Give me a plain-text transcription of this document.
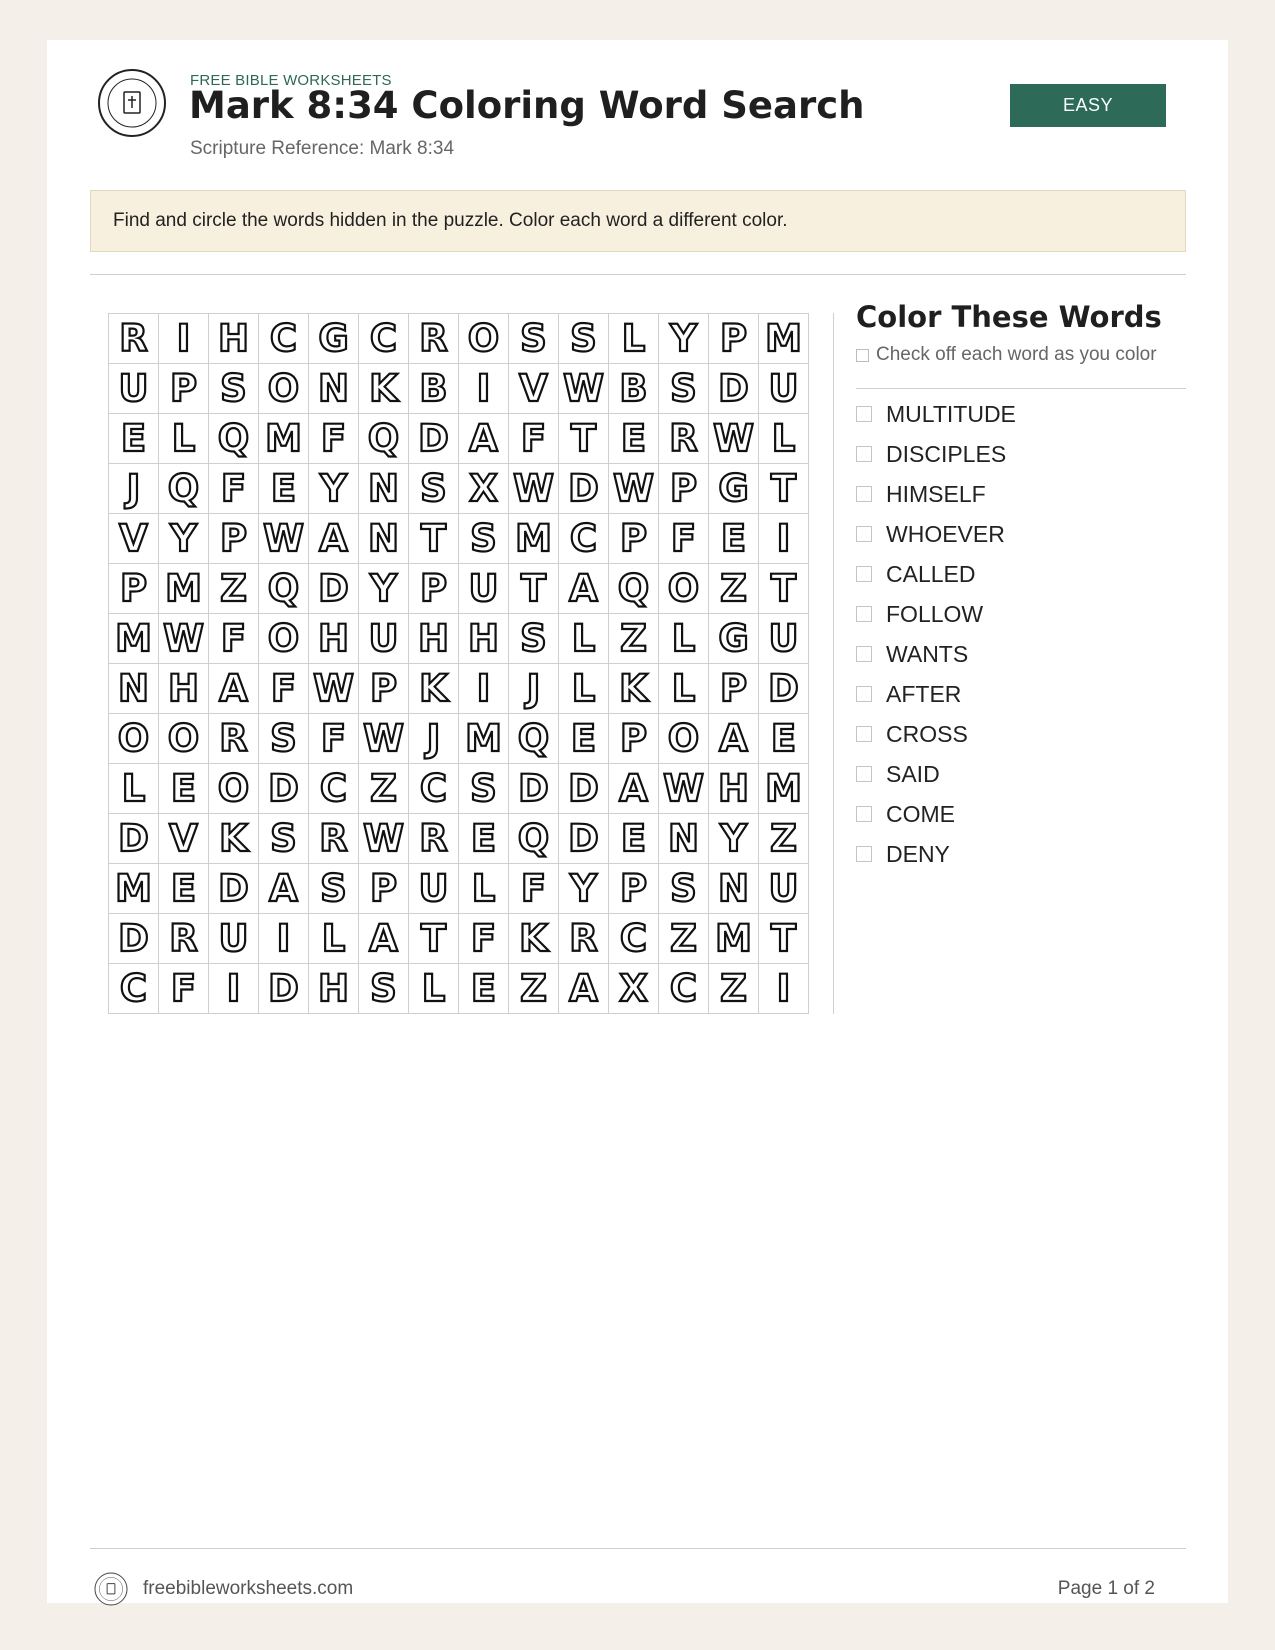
FREE BIBLE WORKSHEETS
Mark 8:34 Coloring Word Search
Scripture Reference: Mark 8:34
EASY
Find and circle the words hidden in the puzzle. Color each word a different color.
R I H C G C R O S S L Y P M
U P S O N K B I V W B S D U
E L Q M F Q D A F T E R W L
J Q F E Y N S X W D W P G T
V Y P W A N T S M C P F E I
P M Z Q D Y P U T A Q O Z T
M W F O H U H H S L Z L G U
N H A F W P K I J L K L P D
O O R S F W J M Q E P O A E
L E O D C Z C S D D A W H M
D V K S R W R E Q D E N Y Z
M E D A S P U L F Y P S N U
D R U I L A T F K R C Z M T
C F I D H S L E Z A X C Z I
Color These Words
Check off each word as you color
MULTITUDE
DISCIPLES
HIMSELF
WHOEVER
CALLED
FOLLOW
WANTS
AFTER
CROSS
SAID
COME
DENY
freebibleworksheets.com	Page 1 of 2
